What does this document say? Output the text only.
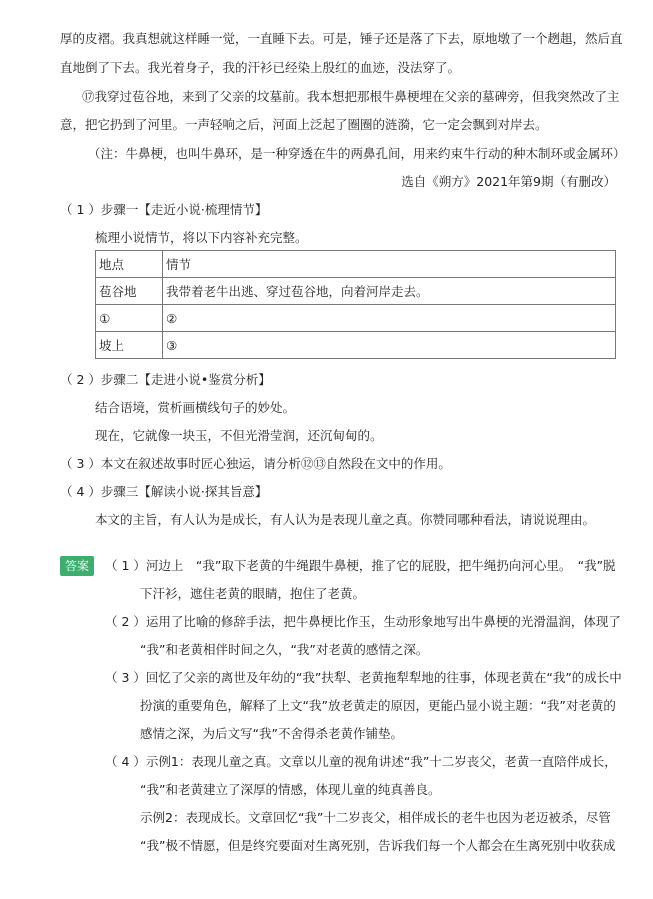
厚的皮褶。我真想就这样睡一觉，一直睡下去。可是，锤子还是落了下去，原地墩了一个趔趄，然后直
直地倒了下去。我光着身子，我的汗衫已经染上殷红的血迹，没法穿了。
⑰我穿过苞谷地，来到了父亲的坟墓前。我本想把那根牛鼻梗埋在父亲的墓碑旁，但我突然改了主
意，把它扔到了河里。一声轻响之后，河面上泛起了圈圈的涟漪，它一定会飘到对岸去。
（注：牛鼻梗，也叫牛鼻环，是一种穿透在牛的两鼻孔间，用来约束牛行动的种木制环或金属环）
选自《朔方》2021年第9期（有删改）
（ 1 ）步骤一【走近小说·梳理情节】
梳理小说情节，将以下内容补充完整。
地点	情节
苞谷地	我带着老牛出逃、穿过苞谷地，向着河岸走去。
①	②
坡上	③
（ 2 ）步骤二【走进小说•鉴赏分析】
结合语境，赏析画横线句子的妙处。
现在，它就像一块玉，不但光滑莹润，还沉甸甸的。
（ 3 ）本文在叙述故事时匠心独运，请分析⑫⑬自然段在文中的作用。
（ 4 ）步骤三【解读小说·探其旨意】
本文的主旨，有人认为是成长，有人认为是表现儿童之真。你赞同哪种看法，请说说理由。
答案	（ 1 ）河边上　“我”取下老黄的牛绳跟牛鼻梗，推了它的屁股，把牛绳扔向河心里。　“我”脱
下汗衫，遮住老黄的眼睛，抱住了老黄。
（ 2 ）运用了比喻的修辞手法，把牛鼻梗比作玉，生动形象地写出牛鼻梗的光滑温润，体现了
“我”和老黄相伴时间之久，“我”对老黄的感情之深。
（ 3 ）回忆了父亲的离世及年幼的“我”扶犁、老黄拖犁犁地的往事，体现老黄在“我”的成长中
扮演的重要角色，解释了上文“我”放老黄走的原因，更能凸显小说主题：“我”对老黄的
感情之深，为后文写“我”不舍得杀老黄作铺垫。
（ 4 ）示例1：表现儿童之真。文章以儿童的视角讲述“我”十二岁丧父，老黄一直陪伴成长，
“我”和老黄建立了深厚的情感，体现儿童的纯真善良。
示例2：表现成长。文章回忆“我”十二岁丧父，相伴成长的老牛也因为老迈被杀，尽管
“我”极不情愿，但是终究要面对生离死别，告诉我们每一个人都会在生离死别中收获成
